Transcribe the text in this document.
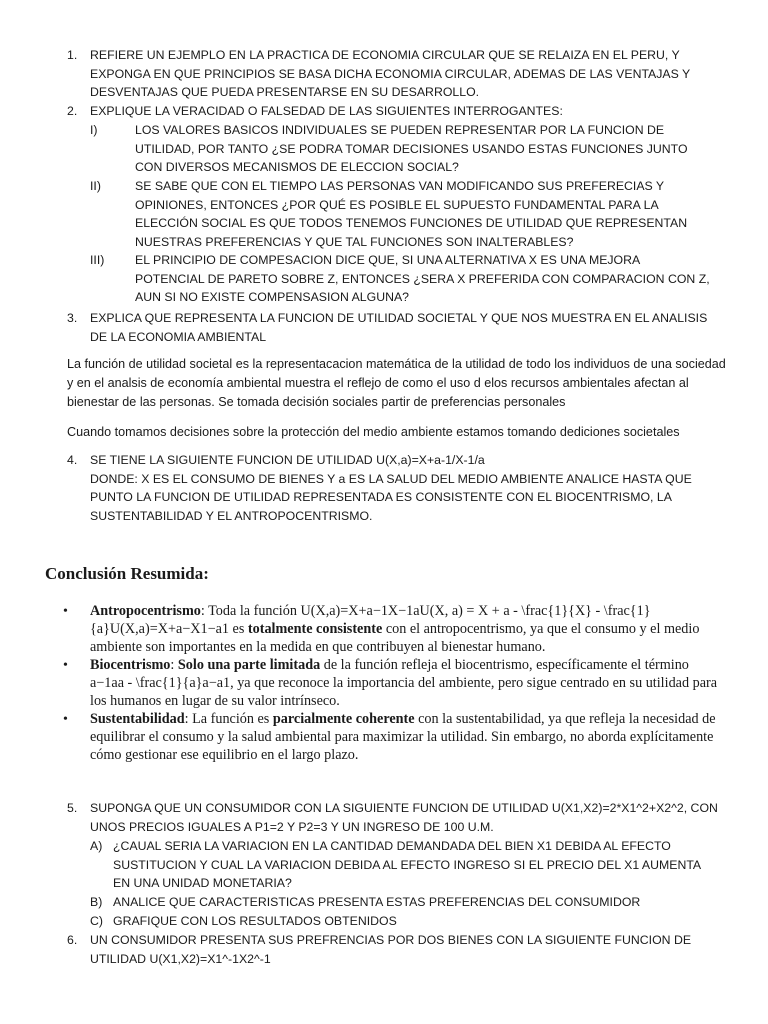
1. REFIERE UN EJEMPLO EN LA PRACTICA DE ECONOMIA CIRCULAR QUE SE RELAIZA EN EL PERU, Y EXPONGA EN QUE PRINCIPIOS SE BASA DICHA ECONOMIA CIRCULAR, ADEMAS DE LAS VENTAJAS Y DESVENTAJAS QUE PUEDA PRESENTARSE EN SU DESARROLLO.
2. EXPLIQUE LA VERACIDAD O FALSEDAD DE LAS SIGUIENTES INTERROGANTES:
I)	LOS VALORES BASICOS INDIVIDUALES SE PUEDEN REPRESENTAR POR LA FUNCION DE UTILIDAD, POR TANTO ¿SE PODRA TOMAR DECISIONES USANDO ESTAS FUNCIONES JUNTO CON DIVERSOS MECANISMOS DE ELECCION SOCIAL?
II)	SE SABE QUE CON EL TIEMPO LAS PERSONAS VAN MODIFICANDO SUS PREFERECIAS Y OPINIONES, ENTONCES ¿POR QUÉ ES POSIBLE EL SUPUESTO FUNDAMENTAL PARA LA ELECCIÓN SOCIAL ES QUE TODOS TENEMOS FUNCIONES DE UTILIDAD QUE REPRESENTAN NUESTRAS PREFERENCIAS Y QUE TAL FUNCIONES SON INALTERABLES?
III) EL PRINCIPIO DE COMPESACION DICE QUE, SI UNA ALTERNATIVA X ES UNA MEJORA POTENCIAL DE PARETO SOBRE Z, ENTONCES ¿SERA X PREFERIDA CON COMPARACION CON Z, AUN SI NO EXISTE COMPENSASION ALGUNA?
3. EXPLICA QUE REPRESENTA LA FUNCION DE UTILIDAD SOCIETAL Y QUE NOS MUESTRA EN EL ANALISIS DE LA ECONOMIA AMBIENTAL

La función de utilidad societal es la representacacion matemática de la utilidad de todo los individuos de una sociedad y en el analsis de economía ambiental muestra el reflejo de como el uso d elos recursos ambientales afectan al bienestar de las personas. Se tomada decisión sociales partir de preferencias personales

Cuando tomamos decisiones sobre la protección del medio ambiente estamos tomando dediciones societales

4. SE TIENE LA SIGUIENTE FUNCION DE UTILIDAD U(X,a)=X+a-1/X-1/a
DONDE: X ES EL CONSUMO DE BIENES Y a ES LA SALUD DEL MEDIO AMBIENTE ANALICE HASTA QUE PUNTO LA FUNCION DE UTILIDAD REPRESENTADA ES CONSISTENTE CON EL BIOCENTRISMO, LA SUSTENTABILIDAD Y EL ANTROPOCENTRISMO.
Conclusión Resumida:
• Antropocentrismo: Toda la función U(X,a)=X+a−1X−1aU(X, a) = X + a - \frac{1}{X} - \frac{1}{a}U(X,a)=X+a−X1−a1 es totalmente consistente con el antropocentrismo, ya que el consumo y el medio ambiente son importantes en la medida en que contribuyen al bienestar humano.
• Biocentrismo: Solo una parte limitada de la función refleja el biocentrismo, específicamente el término a−1aa - \frac{1}{a}a−a1, ya que reconoce la importancia del ambiente, pero sigue centrado en su utilidad para los humanos en lugar de su valor intrínseco.
• Sustentabilidad: La función es parcialmente coherente con la sustentabilidad, ya que refleja la necesidad de equilibrar el consumo y la salud ambiental para maximizar la utilidad. Sin embargo, no aborda explícitamente cómo gestionar ese equilibrio en el largo plazo.
5. SUPONGA QUE UN CONSUMIDOR CON LA SIGUIENTE FUNCION DE UTILIDAD U(X1,X2)=2*X1^2+X2^2, CON UNOS PRECIOS IGUALES A P1=2 Y P2=3 Y UN INGRESO DE 100 U.M.
A) ¿CAUAL SERIA LA VARIACION EN LA CANTIDAD DEMANDADA DEL BIEN X1 DEBIDA AL EFECTO SUSTITUCION Y CUAL LA VARIACION DEBIDA AL EFECTO INGRESO SI EL PRECIO DEL X1 AUMENTA EN UNA UNIDAD MONETARIA?
B) ANALICE QUE CARACTERISTICAS PRESENTA ESTAS PREFERENCIAS DEL CONSUMIDOR
C) GRAFIQUE CON LOS RESULTADOS OBTENIDOS
6. UN CONSUMIDOR PRESENTA SUS PREFRENCIAS POR DOS BIENES CON LA SIGUIENTE FUNCION DE UTILIDAD U(X1,X2)=X1^-1X2^-1
